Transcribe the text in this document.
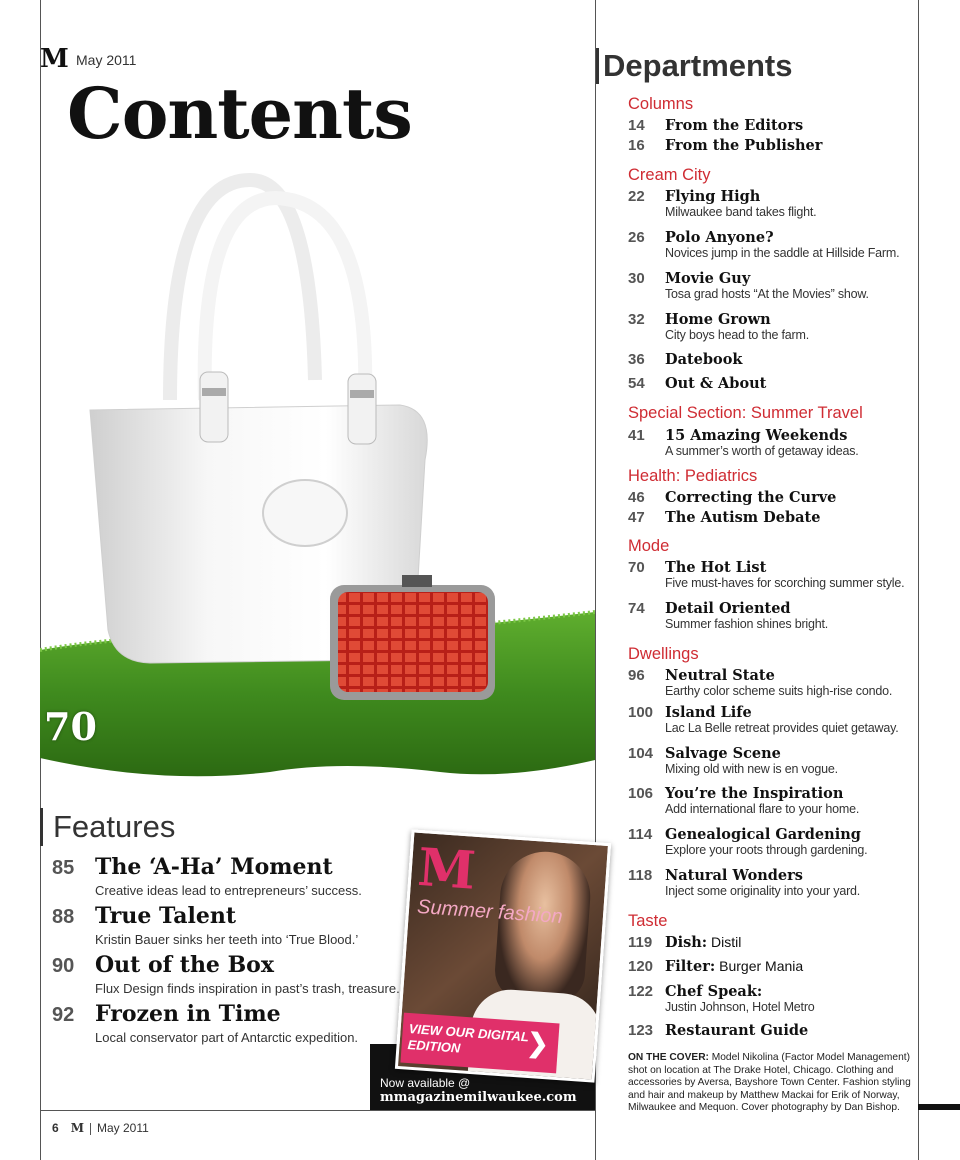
M May 2011
Contents
70
Features
85 The ‘A-Ha’ Moment
Creative ideas lead to entrepreneurs’ success.
88 True Talent
Kristin Bauer sinks her teeth into ‘True Blood.’
90 Out of the Box
Flux Design finds inspiration in past’s trash, treasure.
92 Frozen in Time
Local conservator part of Antarctic expedition.
M
Summer fashion
VIEW OUR DIGITAL EDITION	❯
Now available @
mmagazinemilwaukee.com
6 M May 2011
Departments
Columns
14 From the Editors
16 From the Publisher
Cream City
22 Flying High
Milwaukee band takes flight.
26 Polo Anyone?
Novices jump in the saddle at Hillside Farm.
30 Movie Guy
Tosa grad hosts “At the Movies” show.
32 Home Grown
City boys head to the farm.
36 Datebook
54 Out & About
Special Section: Summer Travel
41 15 Amazing Weekends
A summer’s worth of getaway ideas.
Health: Pediatrics
46 Correcting the Curve
47 The Autism Debate
Mode
70 The Hot List
Five must-haves for scorching summer style.
74 Detail Oriented
Summer fashion shines bright.
Dwellings
96 Neutral State
Earthy color scheme suits high-rise condo.
100 Island Life
Lac La Belle retreat provides quiet getaway.
104 Salvage Scene
Mixing old with new is en vogue.
106 You’re the Inspiration
Add international flare to your home.
114 Genealogical Gardening
Explore your roots through gardening.
118 Natural Wonders
Inject some originality into your yard.
Taste
119 Dish: Distil
120 Filter: Burger Mania
122 Chef Speak:
Justin Johnson, Hotel Metro
123 Restaurant Guide
ON THE COVER: Model Nikolina (Factor Model Management) shot on location at The Drake Hotel, Chicago. Clothing and accessories by Aversa, Bayshore Town Center. Fashion styling and hair and makeup by Matthew Mackai for Erik of Norway, Milwaukee and Mequon. Cover photography by Dan Bishop.
